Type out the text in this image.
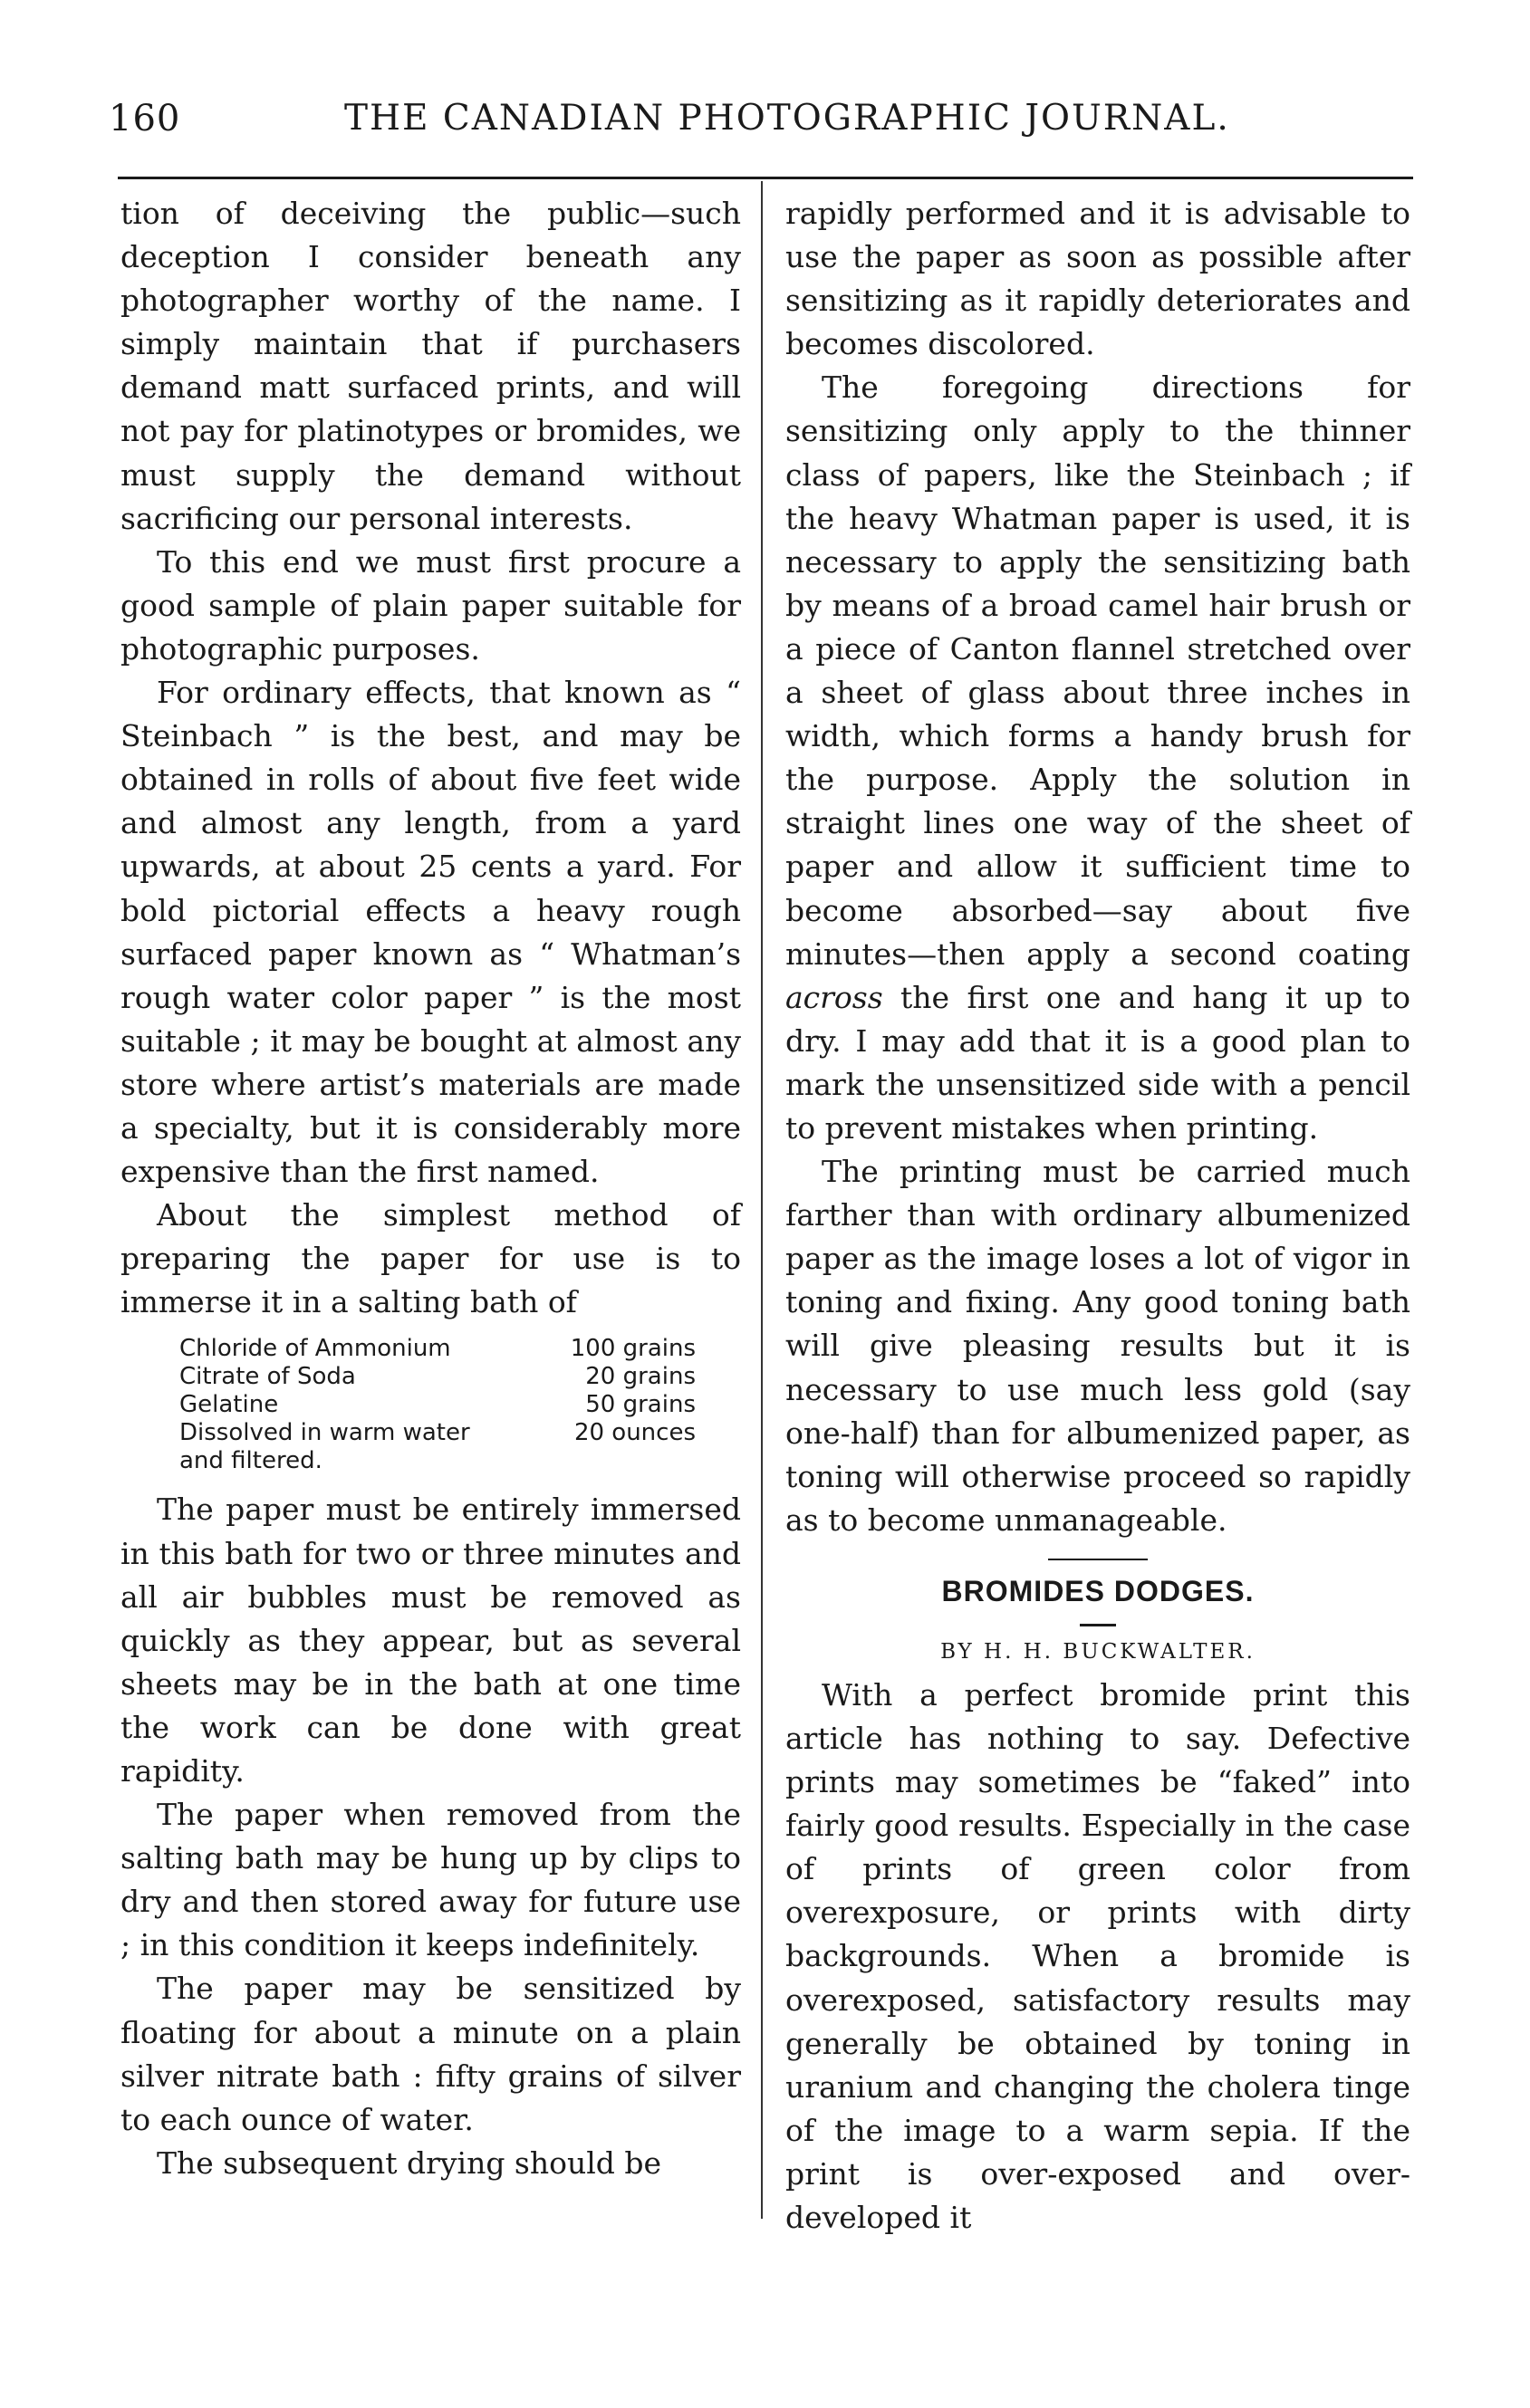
160	THE CANADIAN PHOTOGRAPHIC JOURNAL.

tion of deceiving the public—such deception I consider beneath any photographer worthy of the name. I simply maintain that if purchasers demand matt surfaced prints, and will not pay for platinotypes or bromides, we must supply the demand without sacrificing our personal interests.

To this end we must first procure a good sample of plain paper suitable for photographic purposes.

For ordinary effects, that known as “ Steinbach ” is the best, and may be obtained in rolls of about five feet wide and almost any length, from a yard upwards, at about 25 cents a yard. For bold pictorial effects a heavy rough surfaced paper known as “ Whatman’s rough water color paper ” is the most suitable ; it may be bought at almost any store where artist’s materials are made a specialty, but it is considerably more expensive than the first named.

About the simplest method of preparing the paper for use is to immerse it in a salting bath of

Chloride of Ammonium	100 grains
Citrate of Soda	20 grains
Gelatine	50 grains
Dissolved in warm water	20 ounces
and filtered.

The paper must be entirely immersed in this bath for two or three minutes and all air bubbles must be removed as quickly as they appear, but as several sheets may be in the bath at one time the work can be done with great rapidity.

The paper when removed from the salting bath may be hung up by clips to dry and then stored away for future use ; in this condition it keeps indefinitely.

The paper may be sensitized by floating for about a minute on a plain silver nitrate bath : fifty grains of silver to each ounce of water.

The subsequent drying should be

rapidly performed and it is advisable to use the paper as soon as possible after sensitizing as it rapidly deteriorates and becomes discolored.

The foregoing directions for sensitizing only apply to the thinner class of papers, like the Steinbach ; if the heavy Whatman paper is used, it is necessary to apply the sensitizing bath by means of a broad camel hair brush or a piece of Canton flannel stretched over a sheet of glass about three inches in width, which forms a handy brush for the purpose. Apply the solution in straight lines one way of the sheet of paper and allow it sufficient time to become absorbed—say about five minutes—then apply a second coating across the first one and hang it up to dry. I may add that it is a good plan to mark the unsensitized side with a pencil to prevent mistakes when printing.

The printing must be carried much farther than with ordinary albumenized paper as the image loses a lot of vigor in toning and fixing. Any good toning bath will give pleasing results but it is necessary to use much less gold (say one-half) than for albumenized paper, as toning will otherwise proceed so rapidly as to become unmanageable.

BROMIDES DODGES.
BY H. H. BUCKWALTER.

With a perfect bromide print this article has nothing to say. Defective prints may sometimes be “faked” into fairly good results. Especially in the case of prints of green color from overexposure, or prints with dirty backgrounds. When a bromide is overexposed, satisfactory results may generally be obtained by toning in uranium and changing the cholera tinge of the image to a warm sepia. If the print is over-exposed and over-developed it
